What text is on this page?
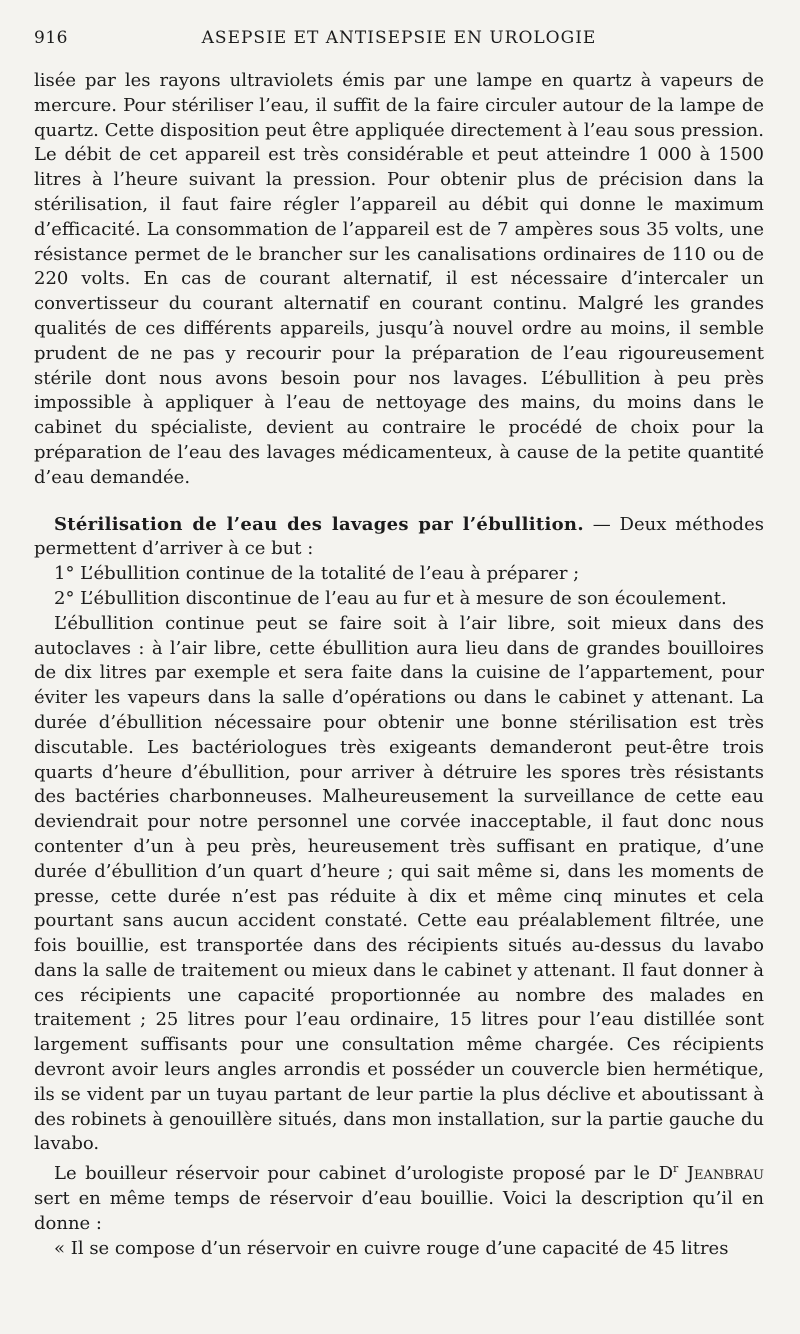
916	ASEPSIE ET ANTISEPSIE EN UROLOGIE

lisée par les rayons ultraviolets émis par une lampe en quartz à vapeurs de mercure. Pour stériliser l’eau, il suffit de la faire circuler autour de la lampe de quartz. Cette disposition peut être appliquée directement à l’eau sous pression. Le débit de cet appareil est très considérable et peut atteindre 1 000 à 1500 litres à l’heure suivant la pression. Pour obtenir plus de précision dans la stérilisation, il faut faire régler l’appareil au débit qui donne le maximum d’efficacité. La consommation de l’appareil est de 7 ampères sous 35 volts, une résistance permet de le brancher sur les canalisations ordinaires de 110 ou de 220 volts. En cas de courant alternatif, il est nécessaire d’intercaler un convertisseur du courant alternatif en courant continu. Malgré les grandes qualités de ces différents appareils, jusqu’à nouvel ordre au moins, il semble prudent de ne pas y recourir pour la préparation de l’eau rigoureusement stérile dont nous avons besoin pour nos lavages. L’ébullition à peu près impossible à appliquer à l’eau de nettoyage des mains, du moins dans le cabinet du spécialiste, devient au contraire le procédé de choix pour la préparation de l’eau des lavages médicamenteux, à cause de la petite quantité d’eau demandée.

Stérilisation de l’eau des lavages par l’ébullition. — Deux méthodes permettent d’arriver à ce but :

1° L’ébullition continue de la totalité de l’eau à préparer ;

2° L’ébullition discontinue de l’eau au fur et à mesure de son écoulement.

L’ébullition continue peut se faire soit à l’air libre, soit mieux dans des autoclaves : à l’air libre, cette ébullition aura lieu dans de grandes bouilloires de dix litres par exemple et sera faite dans la cuisine de l’appartement, pour éviter les vapeurs dans la salle d’opérations ou dans le cabinet y attenant. La durée d’ébullition nécessaire pour obtenir une bonne stérilisation est très discutable. Les bactériologues très exigeants demanderont peut-être trois quarts d’heure d’ébullition, pour arriver à détruire les spores très résistants des bactéries charbonneuses. Malheureusement la surveillance de cette eau deviendrait pour notre personnel une corvée inacceptable, il faut donc nous contenter d’un à peu près, heureusement très suffisant en pratique, d’une durée d’ébullition d’un quart d’heure ; qui sait même si, dans les moments de presse, cette durée n’est pas réduite à dix et même cinq minutes et cela pourtant sans aucun accident constaté. Cette eau préalablement filtrée, une fois bouillie, est transportée dans des récipients situés au-dessus du lavabo dans la salle de traitement ou mieux dans le cabinet y attenant. Il faut donner à ces récipients une capacité proportionnée au nombre des malades en traitement ; 25 litres pour l’eau ordinaire, 15 litres pour l’eau distillée sont largement suffisants pour une consultation même chargée. Ces récipients devront avoir leurs angles arrondis et posséder un couvercle bien hermétique, ils se vident par un tuyau partant de leur partie la plus déclive et aboutissant à des robinets à genouillère situés, dans mon installation, sur la partie gauche du lavabo.

Le bouilleur réservoir pour cabinet d’urologiste proposé par le $D^r$ Jeanbrau sert en même temps de réservoir d’eau bouillie. Voici la description qu’il en donne :

« Il se compose d’un réservoir en cuivre rouge d’une capacité de 45 litres
